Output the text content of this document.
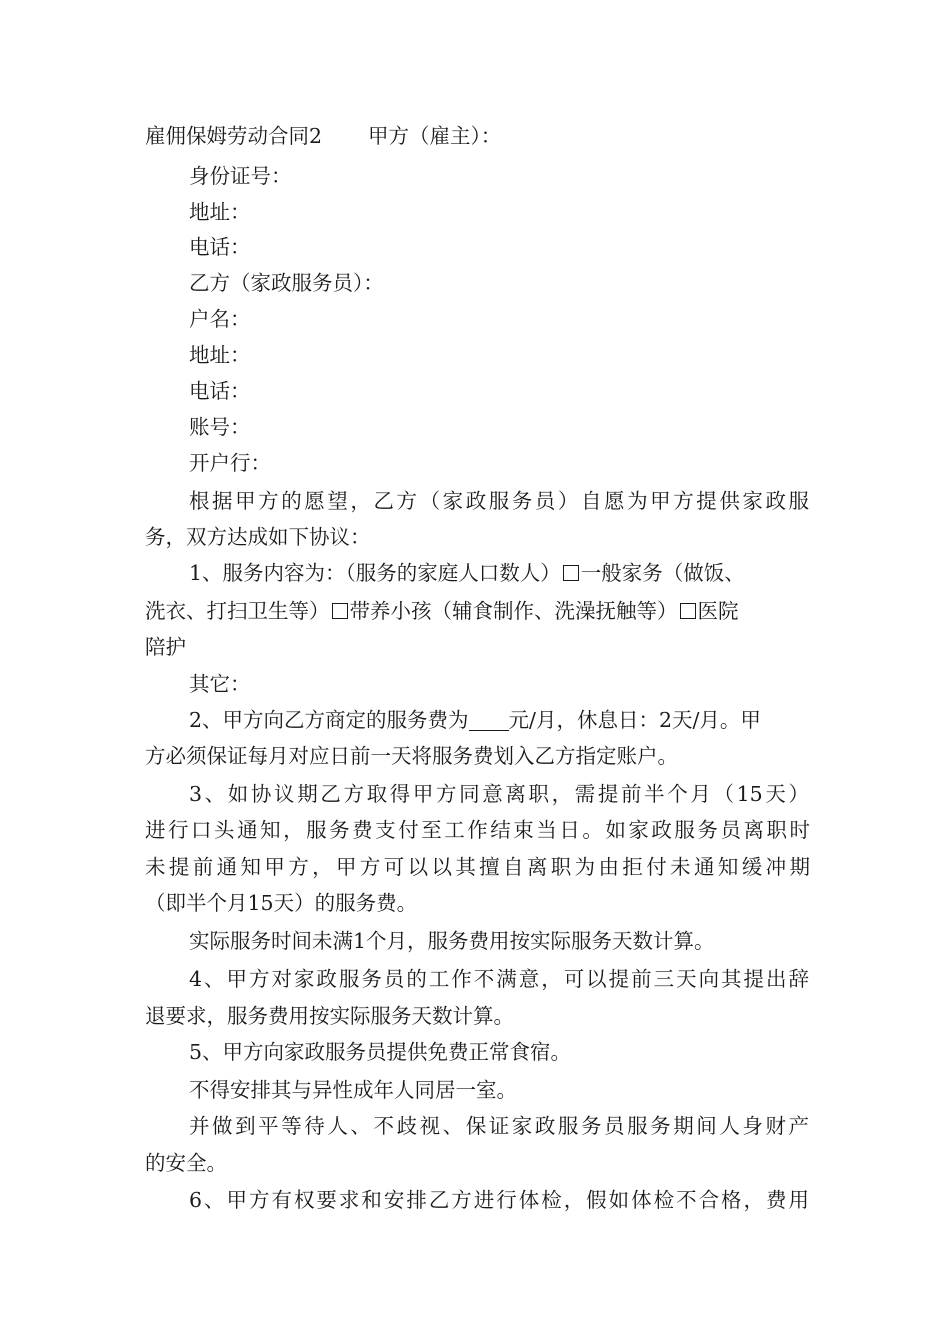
雇佣保姆劳动合同2 甲方（雇主）：
身份证号：
地址：
电话：
乙方（家政服务员）：
户名：
地址：
电话：
账号：
开户行：
根据甲方的愿望，乙方（家政服务员）自愿为甲方提供家政服
务，双方达成如下协议：
1、服务内容为：（服务的家庭人口数人） 一般家务（做饭、
洗衣、打扫卫生等） 带养小孩（辅食制作、洗澡抚触等） 医院
陪护
其它：
2、甲方向乙方商定的服务费为 元/月，休息日：2天/月。甲
方必须保证每月对应日前一天将服务费划入乙方指定账户。
3、如协议期乙方取得甲方同意离职，需提前半个月（15天）
进行口头通知，服务费支付至工作结束当日。如家政服务员离职时
未提前通知甲方，甲方可以以其擅自离职为由拒付未通知缓冲期
（即半个月15天）的服务费。
实际服务时间未满1个月，服务费用按实际服务天数计算。
4、甲方对家政服务员的工作不满意，可以提前三天向其提出辞
退要求，服务费用按实际服务天数计算。
5、甲方向家政服务员提供免费正常食宿。
不得安排其与异性成年人同居一室。
并做到平等待人、不歧视、保证家政服务员服务期间人身财产
的安全。
6、甲方有权要求和安排乙方进行体检，假如体检不合格，费用
